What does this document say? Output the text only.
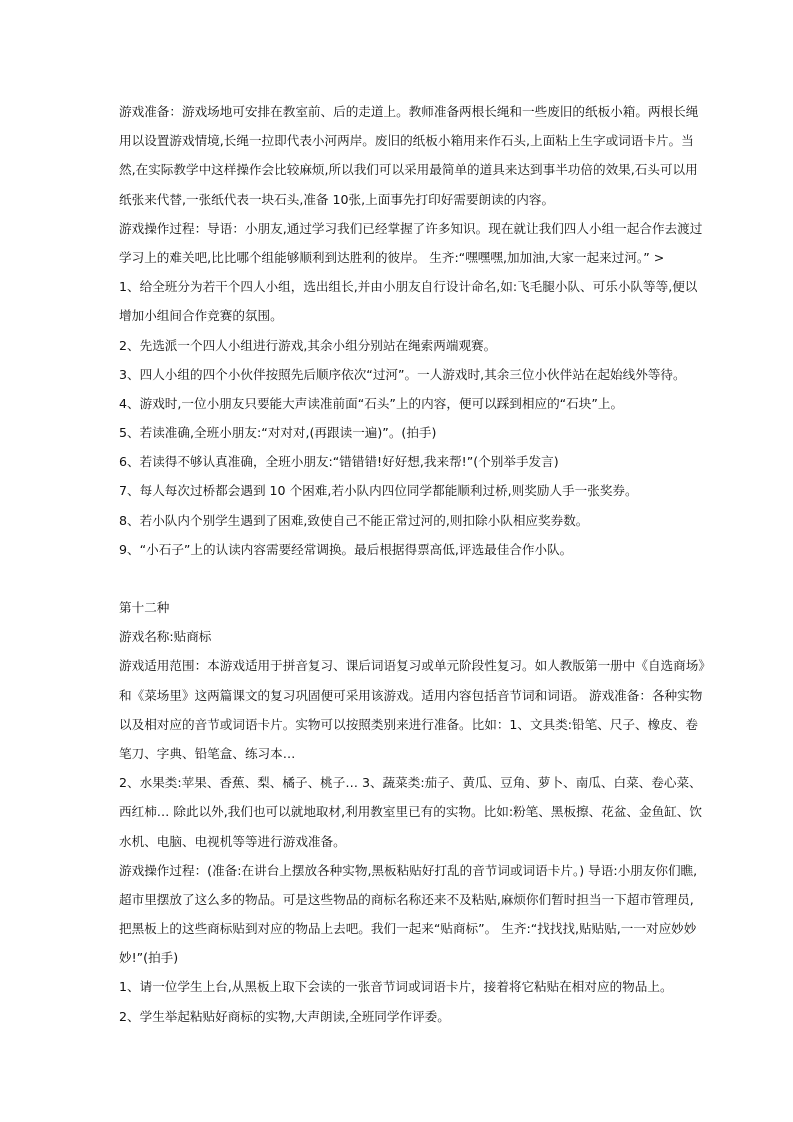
游戏准备：游戏场地可安排在教室前、后的走道上。教师准备两根长绳和一些废旧的纸板小箱。两根长绳
用以设置游戏情境,长绳一拉即代表小河两岸。废旧的纸板小箱用来作石头,上面粘上生字或词语卡片。当
然,在实际教学中这样操作会比较麻烦,所以我们可以采用最简单的道具来达到事半功倍的效果,石头可以用
纸张来代替,一张纸代表一块石头,准备 10张,上面事先打印好需要朗读的内容。
游戏操作过程：导语：小朋友,通过学习我们已经掌握了许多知识。现在就让我们四人小组一起合作去渡过
学习上的难关吧,比比哪个组能够顺利到达胜利的彼岸。 生齐:“嘿嘿嘿,加加油,大家一起来过河。” >
1、给全班分为若干个四人小组，选出组长,并由小朋友自行设计命名,如:飞毛腿小队、可乐小队等等,便以
增加小组间合作竞赛的氛围。
2、先选派一个四人小组进行游戏,其余小组分别站在绳索两端观赛。
3、四人小组的四个小伙伴按照先后顺序依次“过河”。一人游戏时,其余三位小伙伴站在起始线外等待。
4、游戏时,一位小朋友只要能大声读准前面“石头”上的内容，便可以踩到相应的“石块”上。
5、若读准确,全班小朋友:“对对对,(再跟读一遍)”。(拍手)
6、若读得不够认真准确，全班小朋友:“错错错!好好想,我来帮!”(个别举手发言)
7、每人每次过桥都会遇到 10 个困难,若小队内四位同学都能顺利过桥,则奖励人手一张奖券。
8、若小队内个别学生遇到了困难,致使自己不能正常过河的,则扣除小队相应奖券数。
9、“小石子”上的认读内容需要经常调换。最后根据得票高低,评选最佳合作小队。
第十二种
游戏名称:贴商标
游戏适用范围：本游戏适用于拼音复习、课后词语复习或单元阶段性复习。如人教版第一册中《自选商场》
和《菜场里》这两篇课文的复习巩固便可采用该游戏。适用内容包括音节词和词语。 游戏准备：各种实物
以及相对应的音节或词语卡片。实物可以按照类别来进行准备。比如：1、文具类:铅笔、尺子、橡皮、卷
笔刀、字典、铅笔盒、练习本…
2、水果类:苹果、香蕉、梨、橘子、桃子… 3、蔬菜类:茄子、黄瓜、豆角、萝卜、南瓜、白菜、卷心菜、
西红柿… 除此以外,我们也可以就地取材,利用教室里已有的实物。比如:粉笔、黑板擦、花盆、金鱼缸、饮
水机、电脑、电视机等等进行游戏准备。
游戏操作过程：(准备:在讲台上摆放各种实物,黑板粘贴好打乱的音节词或词语卡片。) 导语:小朋友你们瞧,
超市里摆放了这么多的物品。可是这些物品的商标名称还来不及粘贴,麻烦你们暂时担当一下超市管理员,
把黑板上的这些商标贴到对应的物品上去吧。我们一起来“贴商标”。 生齐:“找找找,贴贴贴,一一对应妙妙
妙!”(拍手)
1、请一位学生上台,从黑板上取下会读的一张音节词或词语卡片，接着将它粘贴在相对应的物品上。
2、学生举起粘贴好商标的实物,大声朗读,全班同学作评委。
